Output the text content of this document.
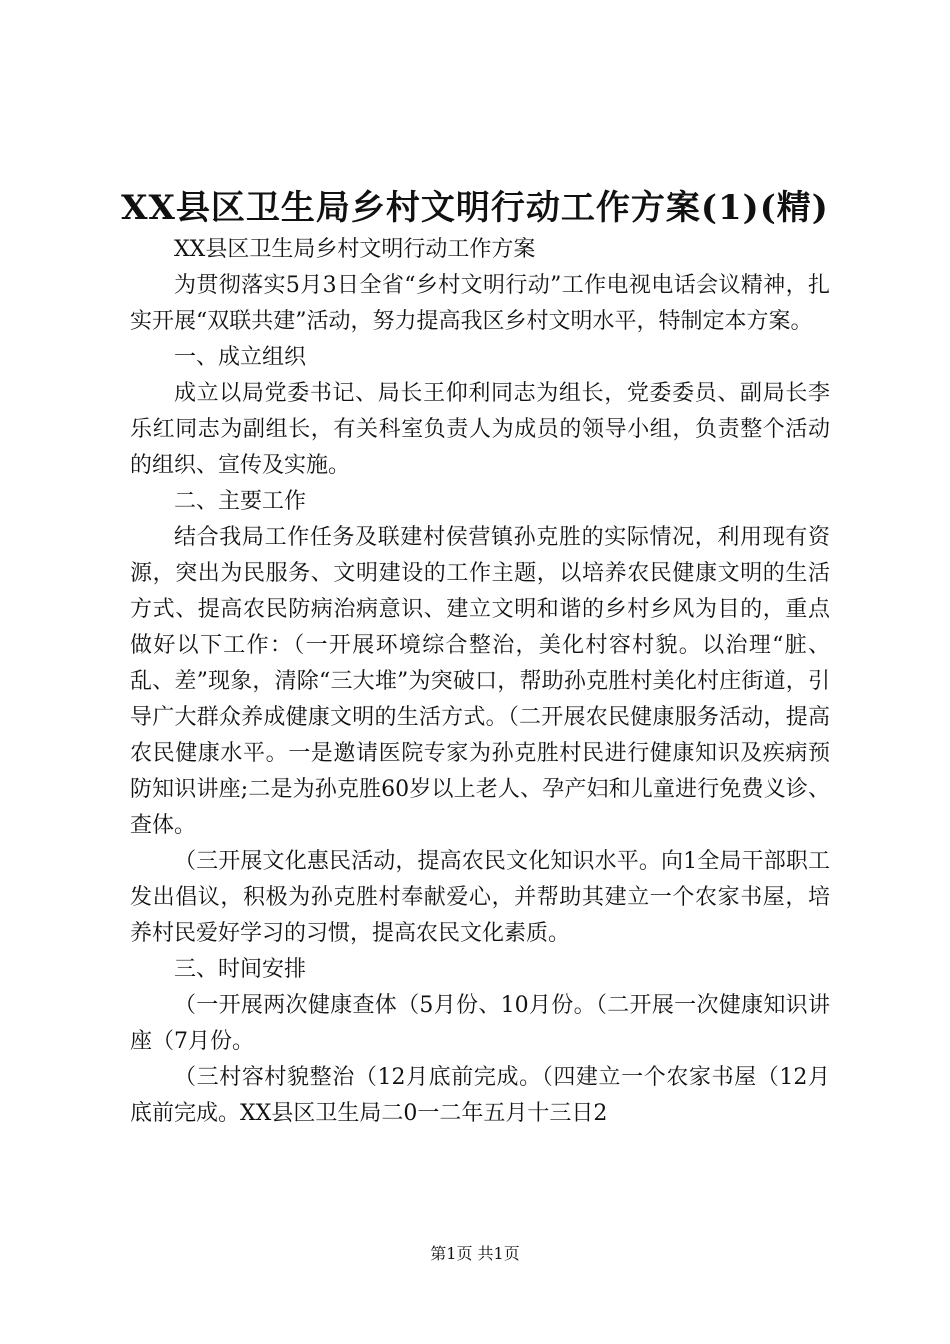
XX县区卫生局乡村文明行动工作方案(1)(精)

XX县区卫生局乡村文明行动工作方案

为贯彻落实5月3日全省“乡村文明行动”工作电视电话会议精神，扎实开展“双联共建”活动，努力提高我区乡村文明水平，特制定本方案。

一、成立组织

成立以局党委书记、局长王仰利同志为组长，党委委员、副局长李乐红同志为副组长，有关科室负责人为成员的领导小组，负责整个活动的组织、宣传及实施。

二、主要工作

结合我局工作任务及联建村侯营镇孙克胜的实际情况，利用现有资源，突出为民服务、文明建设的工作主题，以培养农民健康文明的生活方式、提高农民防病治病意识、建立文明和谐的乡村乡风为目的，重点做好以下工作：（一开展环境综合整治，美化村容村貌。以治理“脏、乱、差”现象，清除“三大堆”为突破口，帮助孙克胜村美化村庄街道，引导广大群众养成健康文明的生活方式。（二开展农民健康服务活动，提高农民健康水平。一是邀请医院专家为孙克胜村民进行健康知识及疾病预防知识讲座;二是为孙克胜60岁以上老人、孕产妇和儿童进行免费义诊、查体。

（三开展文化惠民活动，提高农民文化知识水平。向1全局干部职工发出倡议，积极为孙克胜村奉献爱心，并帮助其建立一个农家书屋，培养村民爱好学习的习惯，提高农民文化素质。

三、时间安排

（一开展两次健康查体（5月份、10月份。（二开展一次健康知识讲座（7月份。

（三村容村貌整治（12月底前完成。（四建立一个农家书屋（12月底前完成。XX县区卫生局二0一二年五月十三日2

第1页 共1页
